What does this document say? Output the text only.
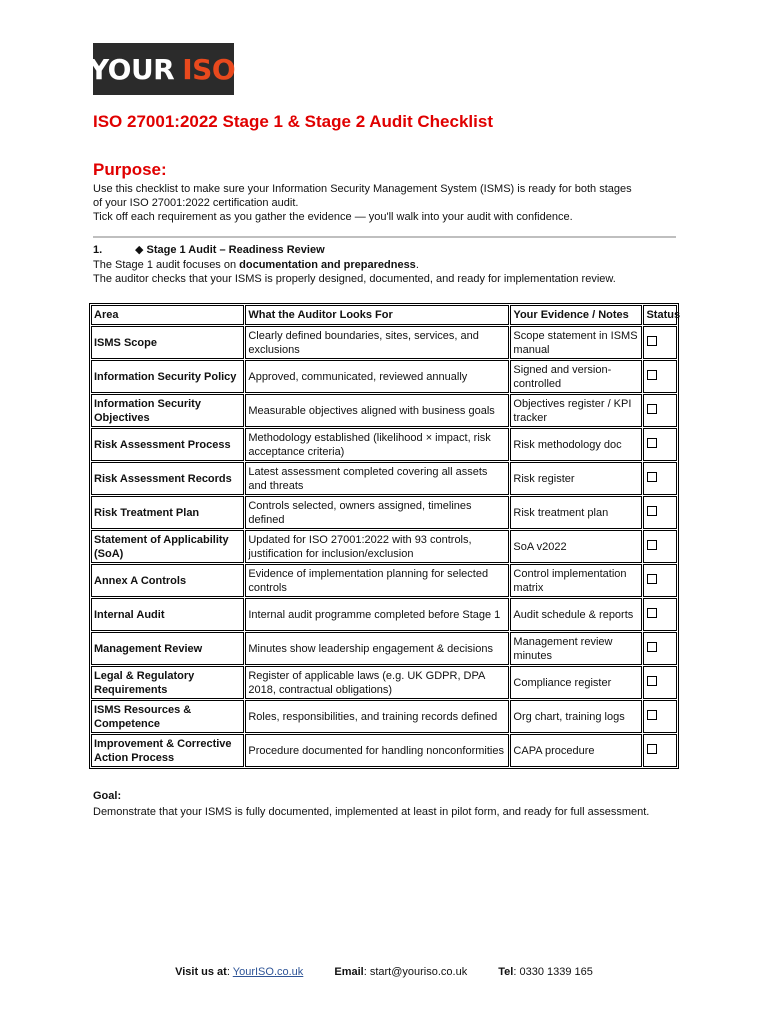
YOUR ISO
ISO 27001:2022 Stage 1 & Stage 2 Audit Checklist
Purpose:

Use this checklist to make sure your Information Security Management System (ISMS) is ready for both stages
of your ISO 27001:2022 certification audit.
Tick off each requirement as you gather the evidence — you'll walk into your audit with confidence.

1.	◆ Stage 1 Audit – Readiness Review

The Stage 1 audit focuses on documentation and preparedness.
The auditor checks that your ISMS is properly designed, documented, and ready for implementation review.

Area	What the Auditor Looks For	Your Evidence / Notes	Status
ISMS Scope	Clearly defined boundaries, sites, services, and exclusions	Scope statement in ISMS manual	
Information Security Policy	Approved, communicated, reviewed annually	Signed and version-controlled	
Information Security Objectives	Measurable objectives aligned with business goals	Objectives register / KPI tracker	
Risk Assessment Process	Methodology established (likelihood × impact, risk acceptance criteria)	Risk methodology doc	
Risk Assessment Records	Latest assessment completed covering all assets and threats	Risk register	
Risk Treatment Plan	Controls selected, owners assigned, timelines defined	Risk treatment plan	
Statement of Applicability (SoA)	Updated for ISO 27001:2022 with 93 controls, justification for inclusion/exclusion	SoA v2022	
Annex A Controls	Evidence of implementation planning for selected controls	Control implementation matrix	
Internal Audit	Internal audit programme completed before Stage 1	Audit schedule & reports	
Management Review	Minutes show leadership engagement & decisions	Management review minutes	
Legal & Regulatory Requirements	Register of applicable laws (e.g. UK GDPR, DPA 2018, contractual obligations)	Compliance register	
ISMS Resources & Competence	Roles, responsibilities, and training records defined	Org chart, training logs	
Improvement & Corrective Action Process	Procedure documented for handling nonconformities	CAPA procedure	
Goal:

Demonstrate that your ISMS is fully documented, implemented at least in pilot form, and ready for full assessment.

Visit us at: YourISO.co.uk	Email: start@youriso.co.uk	Tel: 0330 1339 165
